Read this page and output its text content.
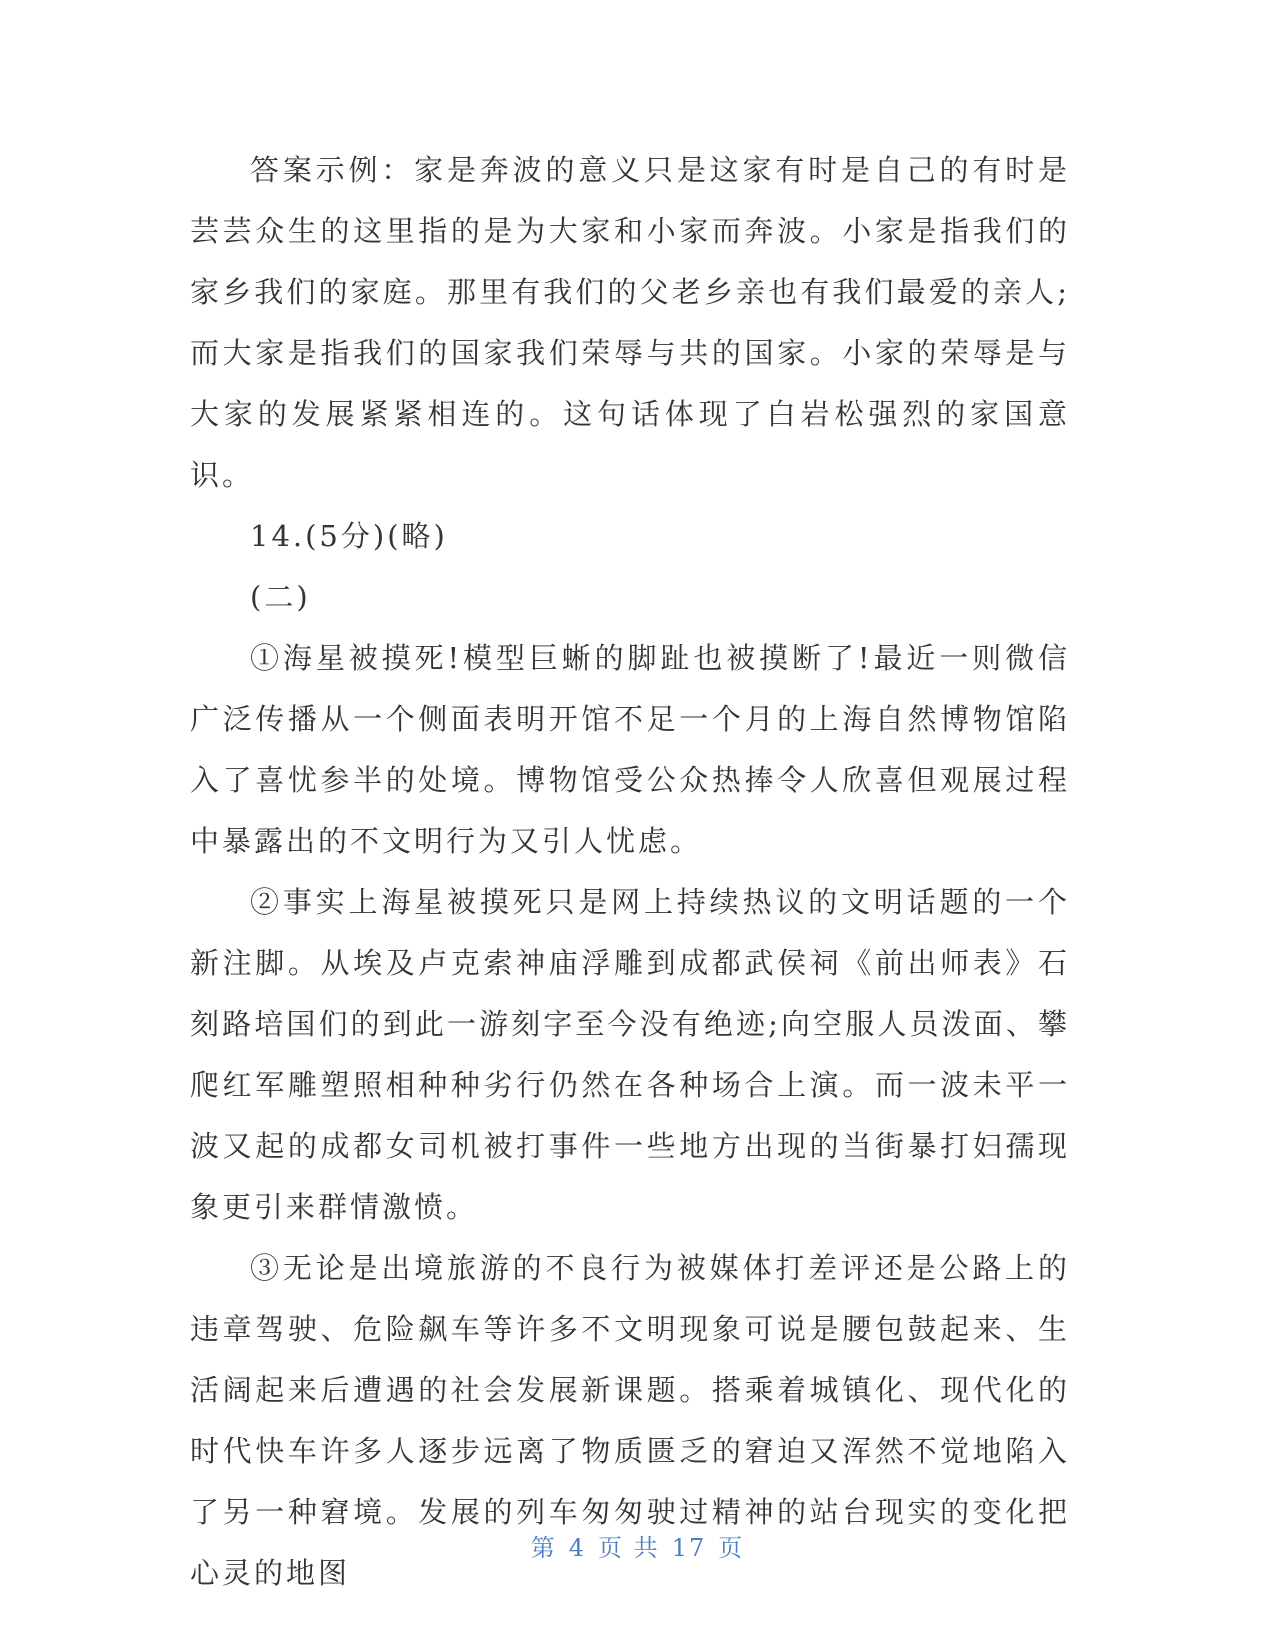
答案示例：家是奔波的意义只是这家有时是自己的有时是芸芸众生的这里指的是为大家和小家而奔波。小家是指我们的家乡我们的家庭。那里有我们的父老乡亲也有我们最爱的亲人;而大家是指我们的国家我们荣辱与共的国家。小家的荣辱是与大家的发展紧紧相连的。这句话体现了白岩松强烈的家国意识。

14.(5分)(略)

(二)

①海星被摸死!模型巨蜥的脚趾也被摸断了!最近一则微信广泛传播从一个侧面表明开馆不足一个月的上海自然博物馆陷入了喜忧参半的处境。博物馆受公众热捧令人欣喜但观展过程中暴露出的不文明行为又引人忧虑。

②事实上海星被摸死只是网上持续热议的文明话题的一个新注脚。从埃及卢克索神庙浮雕到成都武侯祠《前出师表》石刻路培国们的到此一游刻字至今没有绝迹;向空服人员泼面、攀爬红军雕塑照相种种劣行仍然在各种场合上演。而一波未平一波又起的成都女司机被打事件一些地方出现的当街暴打妇孺现象更引来群情激愤。

③无论是出境旅游的不良行为被媒体打差评还是公路上的违章驾驶、危险飙车等许多不文明现象可说是腰包鼓起来、生活阔起来后遭遇的社会发展新课题。搭乘着城镇化、现代化的时代快车许多人逐步远离了物质匮乏的窘迫又浑然不觉地陷入了另一种窘境。发展的列车匆匆驶过精神的站台现实的变化把心灵的地图

第 4 页 共 17 页
